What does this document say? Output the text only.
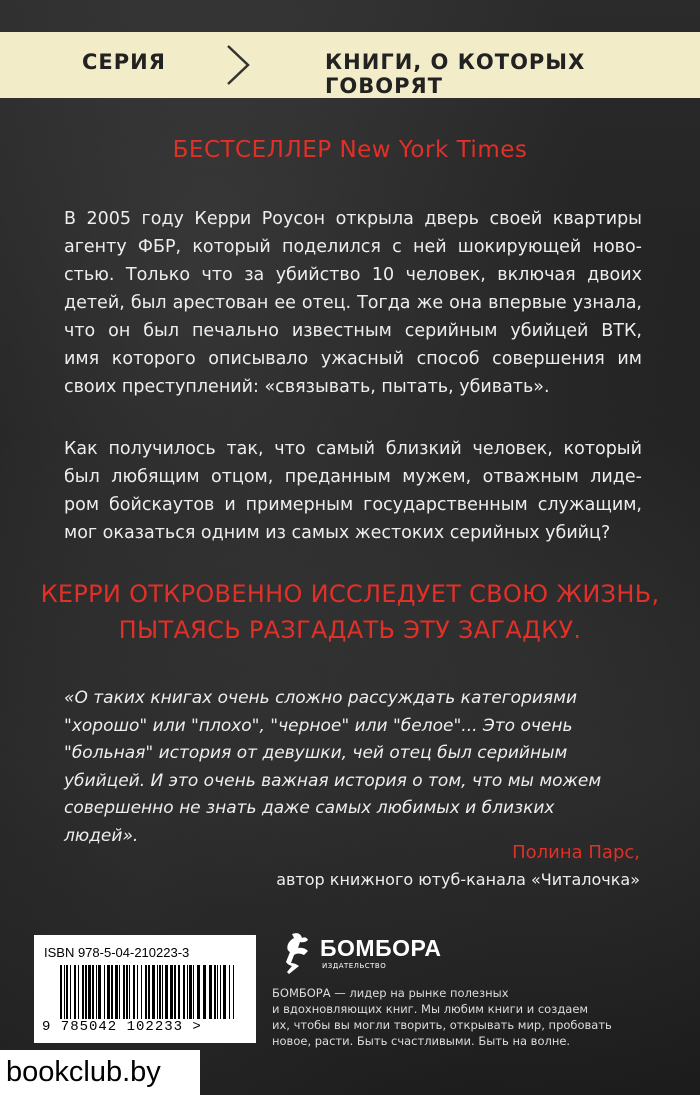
СЕРИЯ	КНИГИ, О КОТОРЫХ ГОВОРЯТ
БЕСТСЕЛЛЕР New York Times
В 2005 году Керри Роусон открыла дверь своей квартиры
агенту ФБР, который поделился с ней шокирующей ново-
стью. Только что за убийство 10 человек, включая двоих
детей, был арестован ее отец. Тогда же она впервые узнала,
что он был печально известным серийным убийцей ВТК,
имя которого описывало ужасный способ совершения им
своих преступлений: «связывать, пытать, убивать».
Как получилось так, что самый близкий человек, который
был любящим отцом, преданным мужем, отважным лиде-
ром бойскаутов и примерным государственным служащим,
мог оказаться одним из самых жестоких серийных убийц?
КЕРРИ ОТКРОВЕННО ИССЛЕДУЕТ СВОЮ ЖИЗНЬ,
ПЫТАЯСЬ РАЗГАДАТЬ ЭТУ ЗАГАДКУ.
«О таких книгах очень сложно рассуждать категориями
"хорошо" или "плохо", "черное" или "белое"... Это очень
"больная" история от девушки, чей отец был серийным
убийцей. И это очень важная история о том, что мы можем
совершенно не знать даже самых любимых и близких
людей».
Полина Парс,
автор книжного ютуб-канала «Читалочка»
ISBN 978-5-04-210223-3
9 785042 102233 >
БОМБОРА
ИЗДАТЕЛЬСТВО
БОМБОРА — лидер на рынке полезных
и вдохновляющих книг. Мы любим книги и создаем
их, чтобы вы могли творить, открывать мир, пробовать
новое, расти. Быть счастливыми. Быть на волне.
bookclub.by
